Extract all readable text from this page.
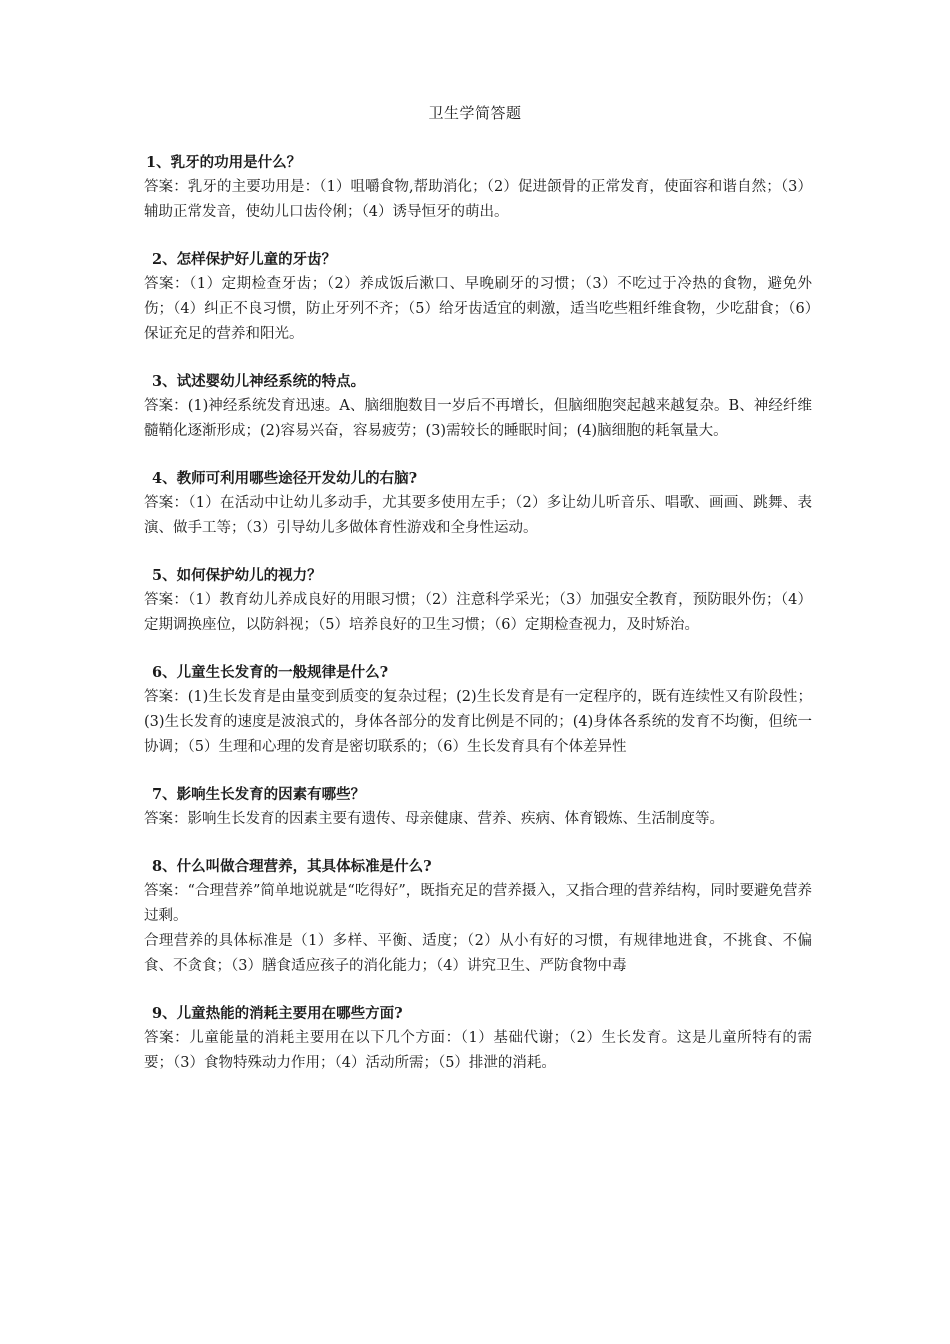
卫生学简答题
1、乳牙的功用是什么？

答案：乳牙的主要功用是：（1）咀嚼食物,帮助消化；（2）促进颌骨的正常发育，使面容和谐自然；（3）辅助正常发音，使幼儿口齿伶俐；（4）诱导恒牙的萌出。

2、怎样保护好儿童的牙齿？

答案：（1）定期检查牙齿；（2）养成饭后漱口、早晚刷牙的习惯；（3）不吃过于冷热的食物，避免外伤；（4）纠正不良习惯，防止牙列不齐；（5）给牙齿适宜的刺激，适当吃些粗纤维食物，少吃甜食；（6）保证充足的营养和阳光。

3、试述婴幼儿神经系统的特点。

答案：(1)神经系统发育迅速。A、脑细胞数目一岁后不再增长，但脑细胞突起越来越复杂。B、神经纤维髓鞘化逐渐形成；(2)容易兴奋，容易疲劳；(3)需较长的睡眠时间；(4)脑细胞的耗氧量大。

4、教师可利用哪些途径开发幼儿的右脑?

答案：（1）在活动中让幼儿多动手，尤其要多使用左手；（2）多让幼儿听音乐、唱歌、画画、跳舞、表演、做手工等；（3）引导幼儿多做体育性游戏和全身性运动。

5、如何保护幼儿的视力？

答案：（1）教育幼儿养成良好的用眼习惯；（2）注意科学采光；（3）加强安全教育，预防眼外伤；（4）定期调换座位，以防斜视；（5）培养良好的卫生习惯；（6）定期检查视力，及时矫治。

6、儿童生长发育的一般规律是什么?

答案：(1)生长发育是由量变到质变的复杂过程；(2)生长发育是有一定程序的，既有连续性又有阶段性；(3)生长发育的速度是波浪式的，身体各部分的发育比例是不同的；(4)身体各系统的发育不均衡，但统一协调；（5）生理和心理的发育是密切联系的；（6）生长发育具有个体差异性

7、影响生长发育的因素有哪些？

答案：影响生长发育的因素主要有遗传、母亲健康、营养、疾病、体育锻炼、生活制度等。

8、什么叫做合理营养，其具体标准是什么?

答案：“合理营养”简单地说就是“吃得好”，既指充足的营养摄入，又指合理的营养结构，同时要避免营养过剩。

合理营养的具体标准是（1）多样、平衡、适度；（2）从小有好的习惯，有规律地进食，不挑食、不偏食、不贪食；（3）膳食适应孩子的消化能力；（4）讲究卫生、严防食物中毒

9、儿童热能的消耗主要用在哪些方面?

答案：儿童能量的消耗主要用在以下几个方面：（1）基础代谢；（2）生长发育。这是儿童所特有的需要；（3）食物特殊动力作用；（4）活动所需；（5）排泄的消耗。
